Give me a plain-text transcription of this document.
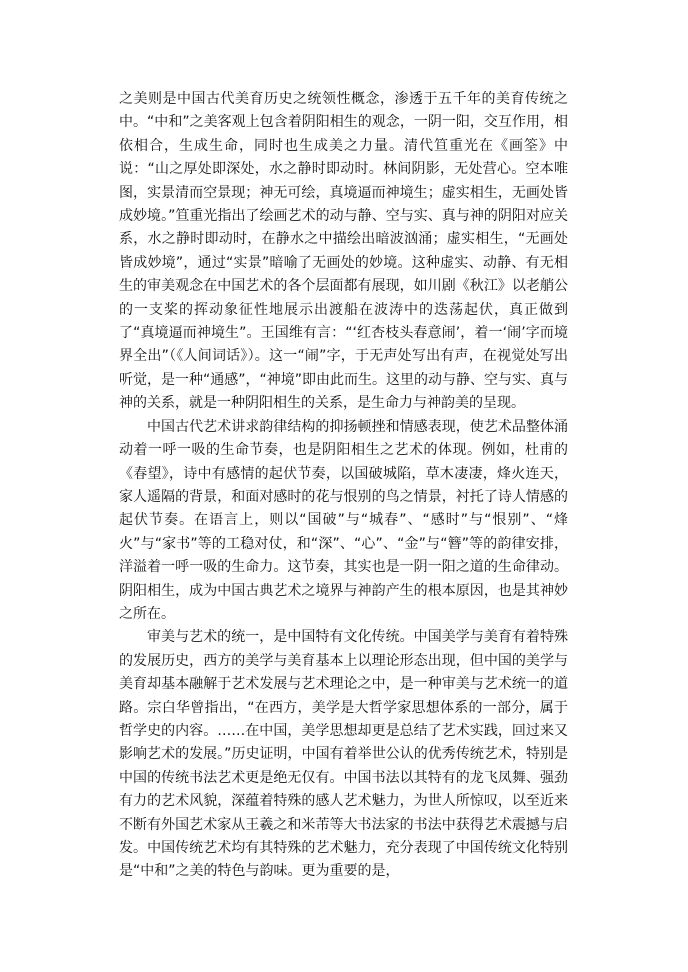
之美则是中国古代美育历史之统领性概念，渗透于五千年的美育传统之中。“中和”之美客观上包含着阴阳相生的观念，一阴一阳，交互作用，相依相合，生成生命，同时也生成美之力量。清代笪重光在《画筌》中说：“山之厚处即深处，水之静时即动时。林间阴影，无处营心。空本唯图，实景清而空景现；神无可绘，真境逼而神境生；虚实相生，无画处皆成妙境。”笪重光指出了绘画艺术的动与静、空与实、真与神的阴阳对应关系，水之静时即动时，在静水之中描绘出暗波汹涌；虚实相生，“无画处皆成妙境”，通过“实景”暗喻了无画处的妙境。这种虚实、动静、有无相生的审美观念在中国艺术的各个层面都有展现，如川剧《秋江》以老艄公的一支桨的挥动象征性地展示出渡船在波涛中的迭荡起伏，真正做到了“真境逼而神境生”。王国维有言：“‘红杏枝头春意闹’，着一‘闹’字而境界全出”（《人间词话》）。这一“闹”字，于无声处写出有声，在视觉处写出听觉，是一种“通感”，“神境”即由此而生。这里的动与静、空与实、真与神的关系，就是一种阴阳相生的关系，是生命力与神韵美的呈现。

中国古代艺术讲求韵律结构的抑扬顿挫和情感表现，使艺术品整体涌动着一呼一吸的生命节奏，也是阴阳相生之艺术的体现。例如，杜甫的《春望》，诗中有感情的起伏节奏，以国破城陷，草木凄凄，烽火连天，家人遥隔的背景，和面对感时的花与恨别的鸟之情景，衬托了诗人情感的起伏节奏。在语言上，则以“国破”与“城春”、“感时”与“恨别”、“烽火”与“家书”等的工稳对仗，和“深”、“心”、“金”与“簪”等的韵律安排，洋溢着一呼一吸的生命力。这节奏，其实也是一阴一阳之道的生命律动。阴阳相生，成为中国古典艺术之境界与神韵产生的根本原因，也是其神妙之所在。

审美与艺术的统一，是中国特有文化传统。中国美学与美育有着特殊的发展历史，西方的美学与美育基本上以理论形态出现，但中国的美学与美育却基本融解于艺术发展与艺术理论之中，是一种审美与艺术统一的道路。宗白华曾指出，“在西方，美学是大哲学家思想体系的一部分，属于哲学史的内容。……在中国，美学思想却更是总结了艺术实践，回过来又影响艺术的发展。”历史证明，中国有着举世公认的优秀传统艺术，特别是中国的传统书法艺术更是绝无仅有。中国书法以其特有的龙飞凤舞、强劲有力的艺术风貌，深蕴着特殊的感人艺术魅力，为世人所惊叹，以至近来不断有外国艺术家从王羲之和米芾等大书法家的书法中获得艺术震撼与启发。中国传统艺术均有其特殊的艺术魅力，充分表现了中国传统文化特别是“中和”之美的特色与韵味。更为重要的是，
